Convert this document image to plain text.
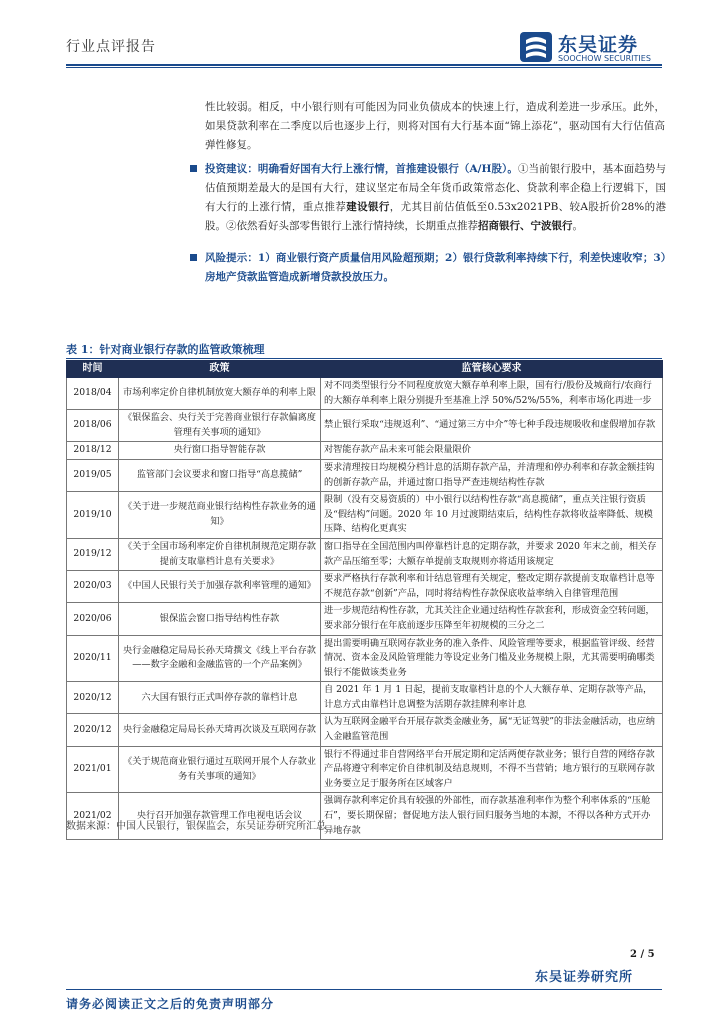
行业点评报告	东吴证券
SOOCHOW SECURITIES
性比较弱。相反，中小银行则有可能因为同业负债成本的快速上行，造成利差进一步承压。此外，如果贷款利率在二季度以后也逐步上行，则将对国有大行基本面“锦上添花”，驱动国有大行估值高弹性修复。
投资建议：明确看好国有大行上涨行情，首推建设银行（A/H股）。①当前银行股中，基本面趋势与估值预期差最大的是国有大行，建议坚定布局全年货币政策常态化、贷款利率企稳上行逻辑下，国有大行的上涨行情，重点推荐建设银行，尤其目前估值低至0.53x2021PB、较A股折价28%的港股。②依然看好头部零售银行上涨行情持续，长期重点推荐招商银行、宁波银行。
风险提示：1）商业银行资产质量信用风险超预期；2）银行贷款利率持续下行，利差快速收窄；3）房地产贷款监管造成新增贷款投放压力。
表 1：针对商业银行存款的监管政策梳理
时间	政策	监管核心要求
2018/04	市场利率定价自律机制放宽大额存单的利率上限	对不同类型银行分不同程度放宽大额存单利率上限，国有行/股份及城商行/农商行的大额存单利率上限分别提升至基准上浮 50%/52%/55%，利率市场化再进一步
2018/06	《银保监会、央行关于完善商业银行存款偏离度管理有关事项的通知》	禁止银行采取“违规返利”、“通过第三方中介”等七种手段违规吸收和虚假增加存款
2018/12	央行窗口指导智能存款	对智能存款产品未来可能会限量限价
2019/05	监管部门会议要求和窗口指导“高息揽储”	要求清理按日均规模分档计息的活期存款产品，并清理和停办利率和存款金额挂钩的创新存款产品，并通过窗口指导严查违规结构性存款
2019/10	《关于进一步规范商业银行结构性存款业务的通知》	限制（没有交易资质的）中小银行以结构性存款“高息揽储”，重点关注银行资质及“假结构”问题。2020 年 10 月过渡期结束后，结构性存款将收益率降低、规模压降、结构化更真实
2019/12	《关于全国市场利率定价自律机制规范定期存款提前支取靠档计息有关要求》	窗口指导在全国范围内叫停靠档计息的定期存款，并要求 2020 年末之前，相关存款产品压缩至零；大额存单提前支取规则亦将适用该规定
2020/03	《中国人民银行关于加强存款利率管理的通知》	要求严格执行存款利率和计结息管理有关规定，整改定期存款提前支取靠档计息等不规范存款“创新”产品，同时将结构性存款保底收益率纳入自律管理范围
2020/06	银保监会窗口指导结构性存款	进一步规范结构性存款，尤其关注企业通过结构性存款套利，形成资金空转问题，要求部分银行在年底前逐步压降至年初规模的三分之二
2020/11	央行金融稳定局局长孙天琦撰文《线上平台存款——数字金融和金融监管的一个产品案例》	提出需要明确互联网存款业务的准入条件、风险管理等要求，根据监管评级、经营情况、资本金及风险管理能力等设定业务门槛及业务规模上限，尤其需要明确哪类银行不能做该类业务
2020/12	六大国有银行正式叫停存款的靠档计息	自 2021 年 1 月 1 日起，提前支取靠档计息的个人大额存单、定期存款等产品，计息方式由靠档计息调整为活期存款挂牌利率计息
2020/12	央行金融稳定局局长孙天琦再次谈及互联网存款	认为互联网金融平台开展存款类金融业务，属“无证驾驶”的非法金融活动，也应纳入金融监管范围
2021/01	《关于规范商业银行通过互联网开展个人存款业务有关事项的通知》	银行不得通过非自营网络平台开展定期和定活两便存款业务；银行自营的网络存款产品将遵守利率定价自律机制及结息规则，不得不当营销；地方银行的互联网存款业务要立足于服务所在区域客户
2021/02	央行召开加强存款管理工作电视电话会议	强调存款利率定价具有较强的外部性，而存款基准利率作为整个利率体系的“压舱石”，要长期保留；督促地方法人银行回归服务当地的本源，不得以各种方式开办异地存款
数据来源：中国人民银行，银保监会，东吴证券研究所汇总
2 / 5
东吴证券研究所
请务必阅读正文之后的免责声明部分
